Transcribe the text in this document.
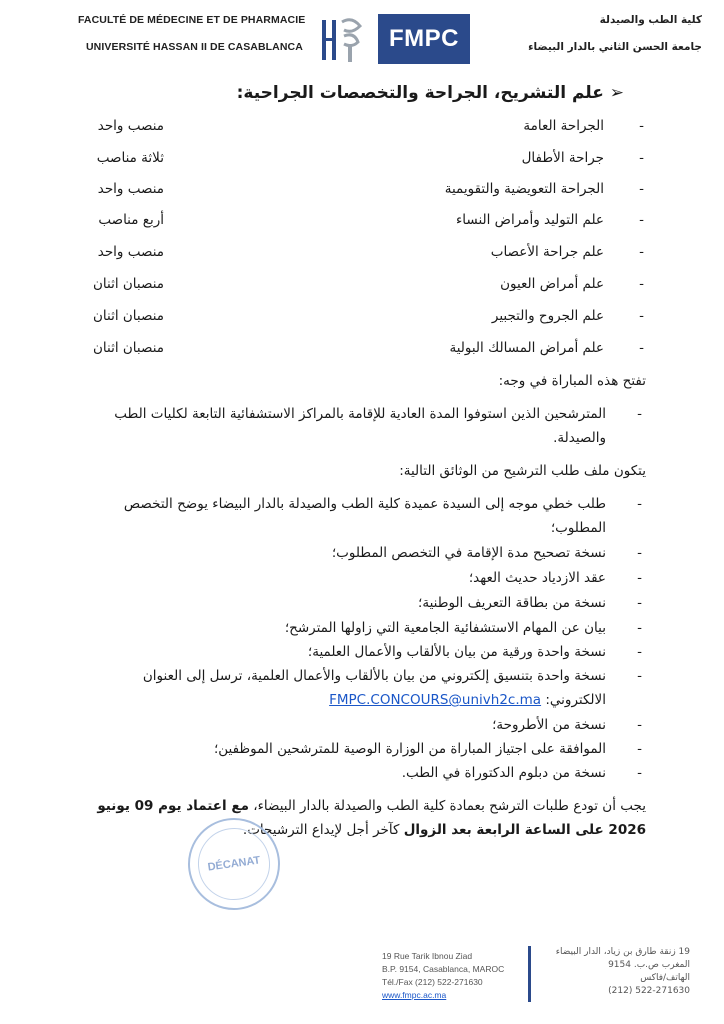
FACULTÉ DE MÉDECINE ET DE PHARMACIE
UNIVERSITÉ HASSAN II DE CASABLANCA	FMPC
كلية الطب والصيدلة
جامعة الحسن الثاني بالدار البيضاء
➢ علم التشريح، الجراحة والتخصصات الجراحية:
-
الجراحة العامة
منصب واحد
-
جراحة الأطفال
ثلاثة مناصب
-
الجراحة التعويضية والتقويمية
منصب واحد
-
علم التوليد وأمراض النساء
أربع مناصب
-
علم جراحة الأعصاب
منصب واحد
-
علم أمراض العيون
منصبان اثنان
-
علم الجروح والتجبير
منصبان اثنان
-
علم أمراض المسالك البولية
منصبان اثنان
تفتح هذه المباراة في وجه:
-
المترشحين الذين استوفوا المدة العادية للإقامة بالمراكز الاستشفائية التابعة لكليات الطب والصيدلة.
يتكون ملف طلب الترشيح من الوثائق التالية:
-
طلب خطي موجه إلى السيدة عميدة كلية الطب والصيدلة بالدار البيضاء يوضح التخصص المطلوب؛
-
نسخة تصحيح مدة الإقامة في التخصص المطلوب؛
-
عقد الازدياد حديث العهد؛
-
نسخة من بطاقة التعريف الوطنية؛
-
بيان عن المهام الاستشفائية الجامعية التي زاولها المترشح؛
-
نسخة واحدة ورقية من بيان بالألقاب والأعمال العلمية؛
-
نسخة واحدة بتنسيق إلكتروني من بيان بالألقاب والأعمال العلمية، ترسل إلى العنوان الالكتروني: FMPC.CONCOURS@univh2c.ma
-
نسخة من الأطروحة؛
-
الموافقة على اجتياز المباراة من الوزارة الوصية للمترشحين الموظفين؛
-
نسخة من دبلوم الدكتوراة في الطب.
يجب أن تودع طلبات الترشح بعمادة كلية الطب والصيدلة بالدار البيضاء، مع اعتماد يوم 09 يونيو 2026 على الساعة الرابعة بعد الزوال كآخر أجل لإيداع الترشيحات.
DÉCANAT
19 Rue Tarik Ibnou Ziad
B.P. 9154, Casablanca, MAROC
Tél./Fax (212) 522-271630
www.fmpc.ac.ma
19 زنقة طارق بن زياد، الدار البيضاء
المغرب ص.ب. 9154
الهاتف/فاكس
(212) 522-271630
